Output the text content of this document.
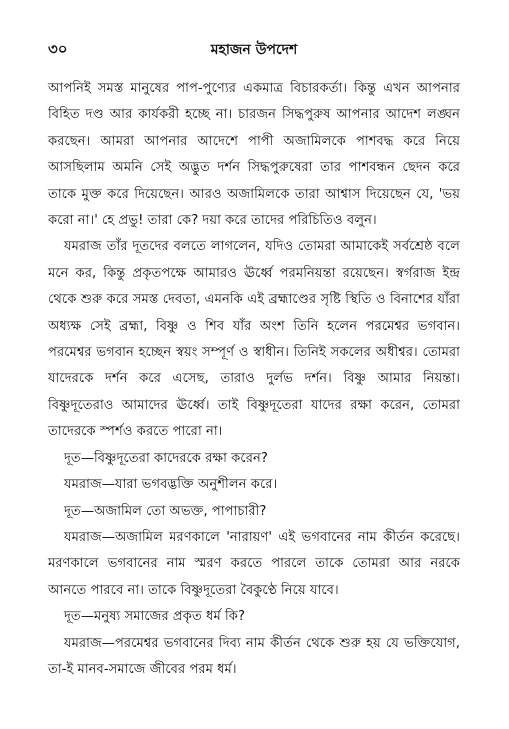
৩০	মহাজন উপদেশ

আপনিই সমস্ত মানুষের পাপ-পুণ্যের একমাত্র বিচারকর্তা। কিন্তু এখন আপনার বিহিত দণ্ড আর কার্যকরী হচ্ছে না। চারজন সিদ্ধপুরুষ আপনার আদেশ লঙ্ঘন করছেন। আমরা আপনার আদেশে পাপী অজামিলকে পাশবদ্ধ করে নিয়ে আসছিলাম অমনি সেই অদ্ভুত দর্শন সিদ্ধপুরুষেরা তার পাশবন্ধন ছেদন করে তাকে মুক্ত করে দিয়েছেন। আরও অজামিলকে তারা আশ্বাস দিয়েছেন যে, 'ভয় করো না।' হে প্রভু! তারা কে? দয়া করে তাদের পরিচিতিও বলুন।

যমরাজ তাঁর দূতদের বলতে লাগলেন, যদিও তোমরা আমাকেই সর্বশ্রেষ্ঠ বলে মনে কর, কিন্তু প্রকৃতপক্ষে আমারও ঊর্ধ্বে পরমনিয়ন্তা রয়েছেন। স্বর্গরাজ ইন্দ্র থেকে শুরু করে সমস্ত দেবতা, এমনকি এই ব্রহ্মাণ্ডের সৃষ্টি স্থিতি ও বিনাশের যাঁরা অধ্যক্ষ সেই ব্রহ্মা, বিষ্ণু ও শিব যাঁর অংশ তিনি হলেন পরমেশ্বর ভগবান। পরমেশ্বর ভগবান হচ্ছেন স্বয়ং সম্পূর্ণ ও স্বাধীন। তিনিই সকলের অধীশ্বর। তোমরা যাদেরকে দর্শন করে এসেছ, তারাও দুর্লভ দর্শন। বিষ্ণু আমার নিয়ন্তা। বিষ্ণুদূতেরাও আমাদের ঊর্ধ্বে। তাই বিষ্ণুদূতেরা যাদের রক্ষা করেন, তোমরা তাদেরকে স্পর্শও করতে পারো না।

দূত—বিষ্ণুদূতেরা কাদেরকে রক্ষা করেন?

যমরাজ—যারা ভগবদ্ভক্তি অনুশীলন করে।

দূত—অজামিল তো অভক্ত, পাপাচারী?

যমরাজ—অজামিল মরণকালে 'নারায়ণ' এই ভগবানের নাম কীর্তন করেছে। মরণকালে ভগবানের নাম স্মরণ করতে পারলে তাকে তোমরা আর নরকে আনতে পারবে না। তাকে বিষ্ণুদূতেরা বৈকুণ্ঠে নিয়ে যাবে।

দূত—মনুষ্য সমাজের প্রকৃত ধর্ম কি?

যমরাজ—পরমেশ্বর ভগবানের দিব্য নাম কীর্তন থেকে শুরু হয় যে ভক্তিযোগ, তা-ই মানব-সমাজে জীবের পরম ধর্ম।
